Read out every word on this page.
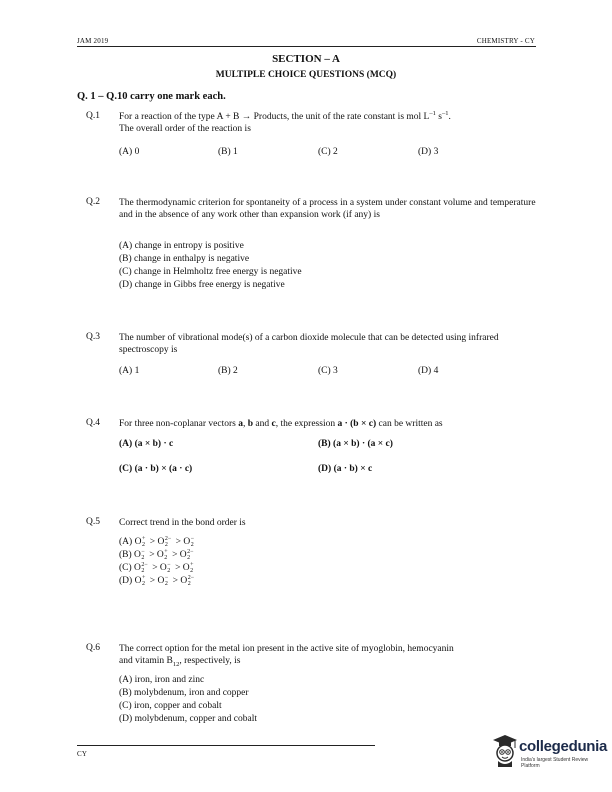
JAM 2019	CHEMISTRY - CY
SECTION – A
MULTIPLE CHOICE QUESTIONS (MCQ)
Q. 1 – Q.10 carry one mark each.
Q.1 For a reaction of the type A + B → Products, the unit of the rate constant is mol $L^{-1}$ $s^{-1}$.
The overall order of the reaction is
(A) 0	(B) 1	(C) 2	(D) 3
Q.2 The thermodynamic criterion for spontaneity of a process in a system under constant volume and temperature and in the absence of any work other than expansion work (if any) is
(A) change in entropy is positive
(B) change in enthalpy is negative
(C) change in Helmholtz free energy is negative
(D) change in Gibbs free energy is negative
Q.3 The number of vibrational mode(s) of a carbon dioxide molecule that can be detected using infrared spectroscopy is
(A) 1	(B) 2	(C) 3	(D) 4
Q.4 For three non-coplanar vectors a, b and c, the expression a · (b × c) can be written as
(A) (a × b) · c	(B) (a × b) · (a × c)
(C) (a · b) × (a · c)	(D) (a · b) × c
Q.5 Correct trend in the bond order is
(A) O +
2 > O 2−
2 > O −
2
(B) O −
2 > O +
2 > O 2−
2
(C) O 2−
2 > O −
2 > O +
2
(D) O +
2 > O −
2 > O 2−
2
Q.6 The correct option for the metal ion present in the active site of myoglobin, hemocyanin
and vitamin $B_{12}$, respectively, is
(A) iron, iron and zinc
(B) molybdenum, iron and copper
(C) iron, copper and cobalt
(D) molybdenum, copper and cobalt
CY	collegedunia
India's largest Student Review Platform
